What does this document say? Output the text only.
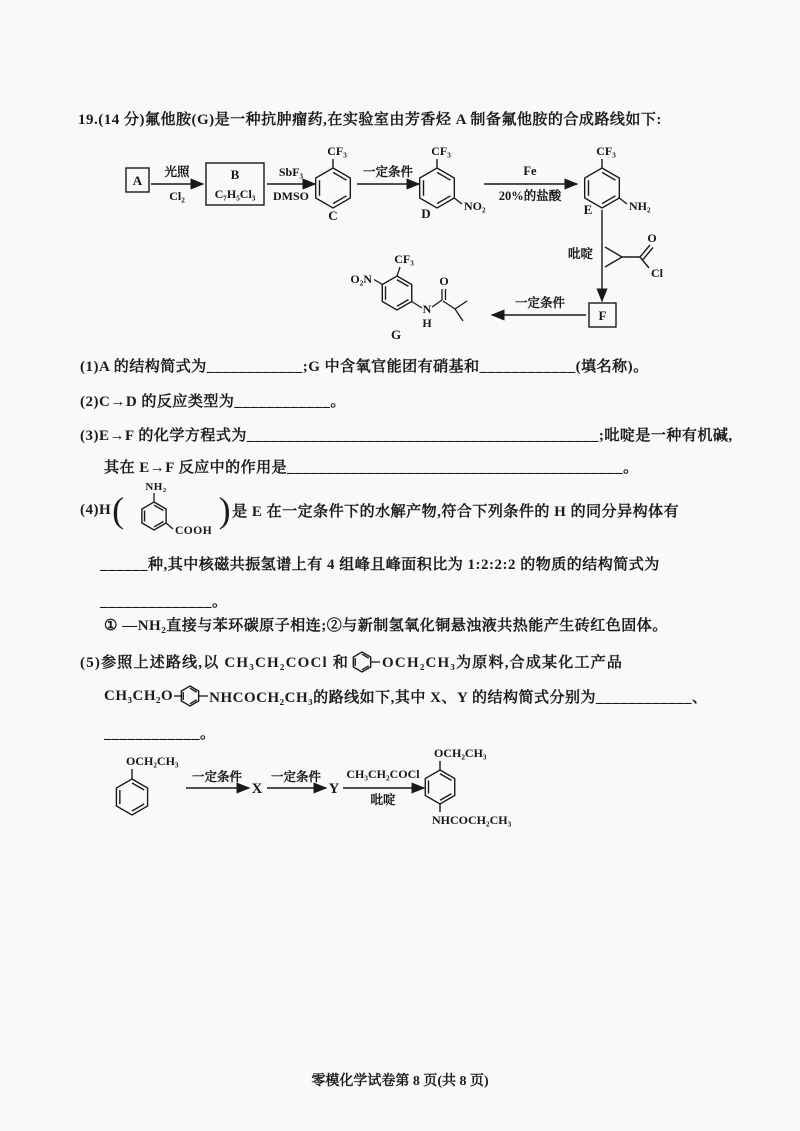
19.(14 分)氟他胺(G)是一种抗肿瘤药,在实验室由芳香烃 A 制备氟他胺的合成路线如下:
A
光照
Cl₂
B
C₇H₅Cl₃
SbF₃
DMSO
CF₃
C
一定条件
CF₃
NO₂
D
Fe
20%的盐酸
CF₃
NH₂
E
吡啶
O
Cl
F
一定条件
CF₃
O₂N
N
H
O
G
(1)A 的结构简式为____________;G 中含氧官能团有硝基和____________(填名称)。
(2)C→D 的反应类型为____________。
(3)E→F 的化学方程式为____________________________________________;吡啶是一种有机碱,
其在 E→F 反应中的作用是__________________________________________。
(4)H (
NH₂
COOH
) 是 E 在一定条件下的水解产物,符合下列条件的 H 的同分异构体有
______种,其中核磁共振氢谱上有 4 组峰且峰面积比为 1:2:2:2 的物质的结构简式为
______________。
① —NH₂直接与苯环碳原子相连;②与新制氢氧化铜悬浊液共热能产生砖红色固体。
(5)参照上述路线,以 CH₃CH₂COCl 和 OCH₂CH₃为原料,合成某化工产品
CH₃CH₂O NHCOCH₂CH₃的路线如下,其中 X、Y 的结构简式分别为____________、
____________。
OCH₂CH₃
一定条件
X
一定条件
Y
CH₃CH₂COCl
吡啶
OCH₂CH₃
NHCOCH₂CH₃
零模化学试卷第 8 页(共 8 页)
